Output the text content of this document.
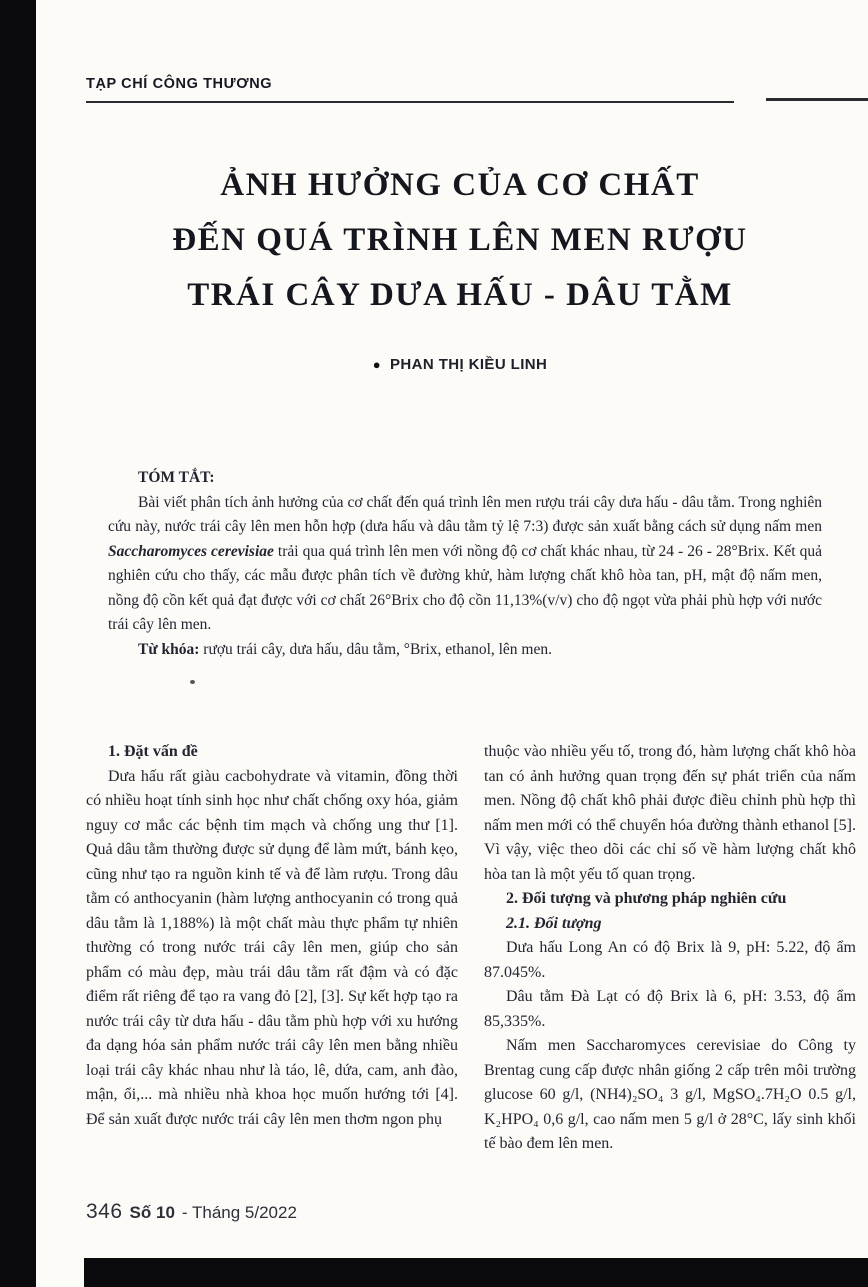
TẠP CHÍ CÔNG THƯƠNG
ẢNH HƯỞNG CỦA CƠ CHẤT
ĐẾN QUÁ TRÌNH LÊN MEN RƯỢU
TRÁI CÂY DƯA HẤU - DÂU TẰM
● PHAN THỊ KIỀU LINH
TÓM TẮT:

Bài viết phân tích ảnh hưởng của cơ chất đến quá trình lên men rượu trái cây dưa hấu - dâu tằm. Trong nghiên cứu này, nước trái cây lên men hỗn hợp (dưa hấu và dâu tằm tỷ lệ 7:3) được sản xuất bằng cách sử dụng nấm men Saccharomyces cerevisiae trải qua quá trình lên men với nồng độ cơ chất khác nhau, từ 24 - 26 - 28°Brix. Kết quả nghiên cứu cho thấy, các mẫu được phân tích về đường khử, hàm lượng chất khô hòa tan, pH, mật độ nấm men, nồng độ cồn kết quả đạt được với cơ chất 26°Brix cho độ cồn 11,13%(v/v) cho độ ngọt vừa phải phù hợp với nước trái cây lên men.

Từ khóa: rượu trái cây, dưa hấu, dâu tằm, °Brix, ethanol, lên men.

1. Đặt vấn đề

Dưa hấu rất giàu cacbohydrate và vitamin, đồng thời có nhiều hoạt tính sinh học như chất chống oxy hóa, giảm nguy cơ mắc các bệnh tim mạch và chống ung thư [1]. Quả dâu tằm thường được sử dụng để làm mứt, bánh kẹo, cũng như tạo ra nguồn kinh tế và để làm rượu. Trong dâu tằm có anthocyanin (hàm lượng anthocyanin có trong quả dâu tằm là 1,188%) là một chất màu thực phẩm tự nhiên thường có trong nước trái cây lên men, giúp cho sản phẩm có màu đẹp, màu trái dâu tằm rất đậm và có đặc điểm rất riêng để tạo ra vang đỏ [2], [3]. Sự kết hợp tạo ra nước trái cây từ dưa hấu - dâu tằm phù hợp với xu hướng đa dạng hóa sản phẩm nước trái cây lên men bằng nhiều loại trái cây khác nhau như là táo, lê, dứa, cam, anh đào, mận, ổi,... mà nhiều nhà khoa học muốn hướng tới [4]. Để sản xuất được nước trái cây lên men thơm ngon phụ

thuộc vào nhiều yếu tố, trong đó, hàm lượng chất khô hòa tan có ảnh hưởng quan trọng đến sự phát triển của nấm men. Nồng độ chất khô phải được điều chỉnh phù hợp thì nấm men mới có thể chuyển hóa đường thành ethanol [5]. Vì vậy, việc theo dõi các chỉ số về hàm lượng chất khô hòa tan là một yếu tố quan trọng.

2. Đối tượng và phương pháp nghiên cứu
2.1. Đối tượng

Dưa hấu Long An có độ Brix là 9, pH: 5.22, độ ẩm 87.045%.

Dâu tằm Đà Lạt có độ Brix là 6, pH: 3.53, độ ẩm 85,335%.

Nấm men Saccharomyces cerevisiae do Công ty Brentag cung cấp được nhân giống 2 cấp trên môi trường glucose 60 g/l, (NH4)₂SO₄ 3 g/l, MgSO₄.7H₂O 0.5 g/l, K₂HPO₄ 0,6 g/l, cao nấm men 5 g/l ở 28°C, lấy sinh khối tế bào đem lên men.

346 Số 10 - Tháng 5/2022
